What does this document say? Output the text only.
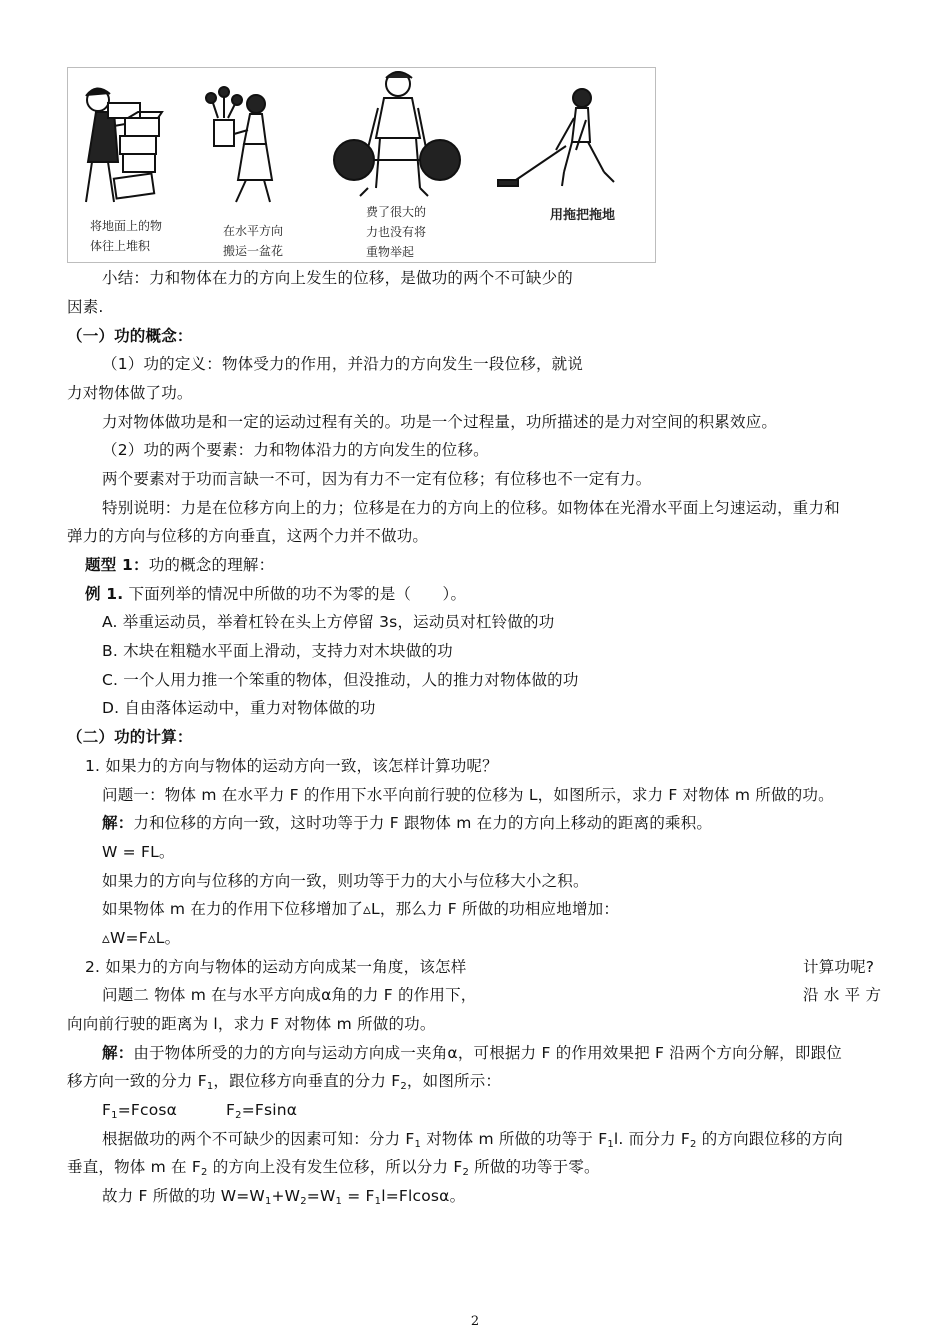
将地面上的物
体往上堆积
在水平方向
搬运一盆花
费了很大的
力也没有将
重物举起
用拖把拖地
小结：力和物体在力的方向上发生的位移，是做功的两个不可缺少的
因素.
（一）功的概念：
（1）功的定义：物体受力的作用，并沿力的方向发生一段位移，就说
力对物体做了功。
力对物体做功是和一定的运动过程有关的。功是一个过程量，功所描述的是力对空间的积累效应。
（2）功的两个要素：力和物体沿力的方向发生的位移。
两个要素对于功而言缺一不可，因为有力不一定有位移；有位移也不一定有力。
特别说明：力是在位移方向上的力；位移是在力的方向上的位移。如物体在光滑水平面上匀速运动，重力和
弹力的方向与位移的方向垂直，这两个力并不做功。
题型 1：功的概念的理解：
例 1. 下面列举的情况中所做的功不为零的是（　　）。
A. 举重运动员，举着杠铃在头上方停留 3s，运动员对杠铃做的功
B. 木块在粗糙水平面上滑动，支持力对木块做的功
C. 一个人用力推一个笨重的物体，但没推动，人的推力对物体做的功
D. 自由落体运动中，重力对物体做的功
（二）功的计算：
1. 如果力的方向与物体的运动方向一致，该怎样计算功呢？
问题一：物体 m 在水平力 F 的作用下水平向前行驶的位移为 L，如图所示，求力 F 对物体 m 所做的功。
解：力和位移的方向一致，这时功等于力 F 跟物体 m 在力的方向上移动的距离的乘积。
W = FL。
如果力的方向与位移的方向一致，则功等于力的大小与位移大小之积。
如果物体 m 在力的作用下位移增加了▵L，那么力 F 所做的功相应地增加：
▵W=F▵L。
2. 如果力的方向与物体的运动方向成某一角度，该怎样	计算功呢?
问题二 物体 m 在与水平方向成α角的力 F 的作用下，	沿 水 平 方
向向前行驶的距离为 l，求力 F 对物体 m 所做的功。
解：由于物体所受的力的方向与运动方向成一夹角α，可根据力 F 的作用效果把 F 沿两个方向分解，即跟位
移方向一致的分力 $F_1$，跟位移方向垂直的分力 $F_2$，如图所示：
$F_1=Fcos\alpha$	$F_2=Fsin\alpha$
根据做功的两个不可缺少的因素可知：分力 $F_1$ 对物体 m 所做的功等于 $F_1l$. 而分力 $F_2$ 的方向跟位移的方向
垂直，物体 m 在 $F_2$ 的方向上没有发生位移，所以分力 $F_2$ 所做的功等于零。
故力 F 所做的功 $W=W_1+W_2=W_1 = F_1l=Flcos\alpha$。
2
